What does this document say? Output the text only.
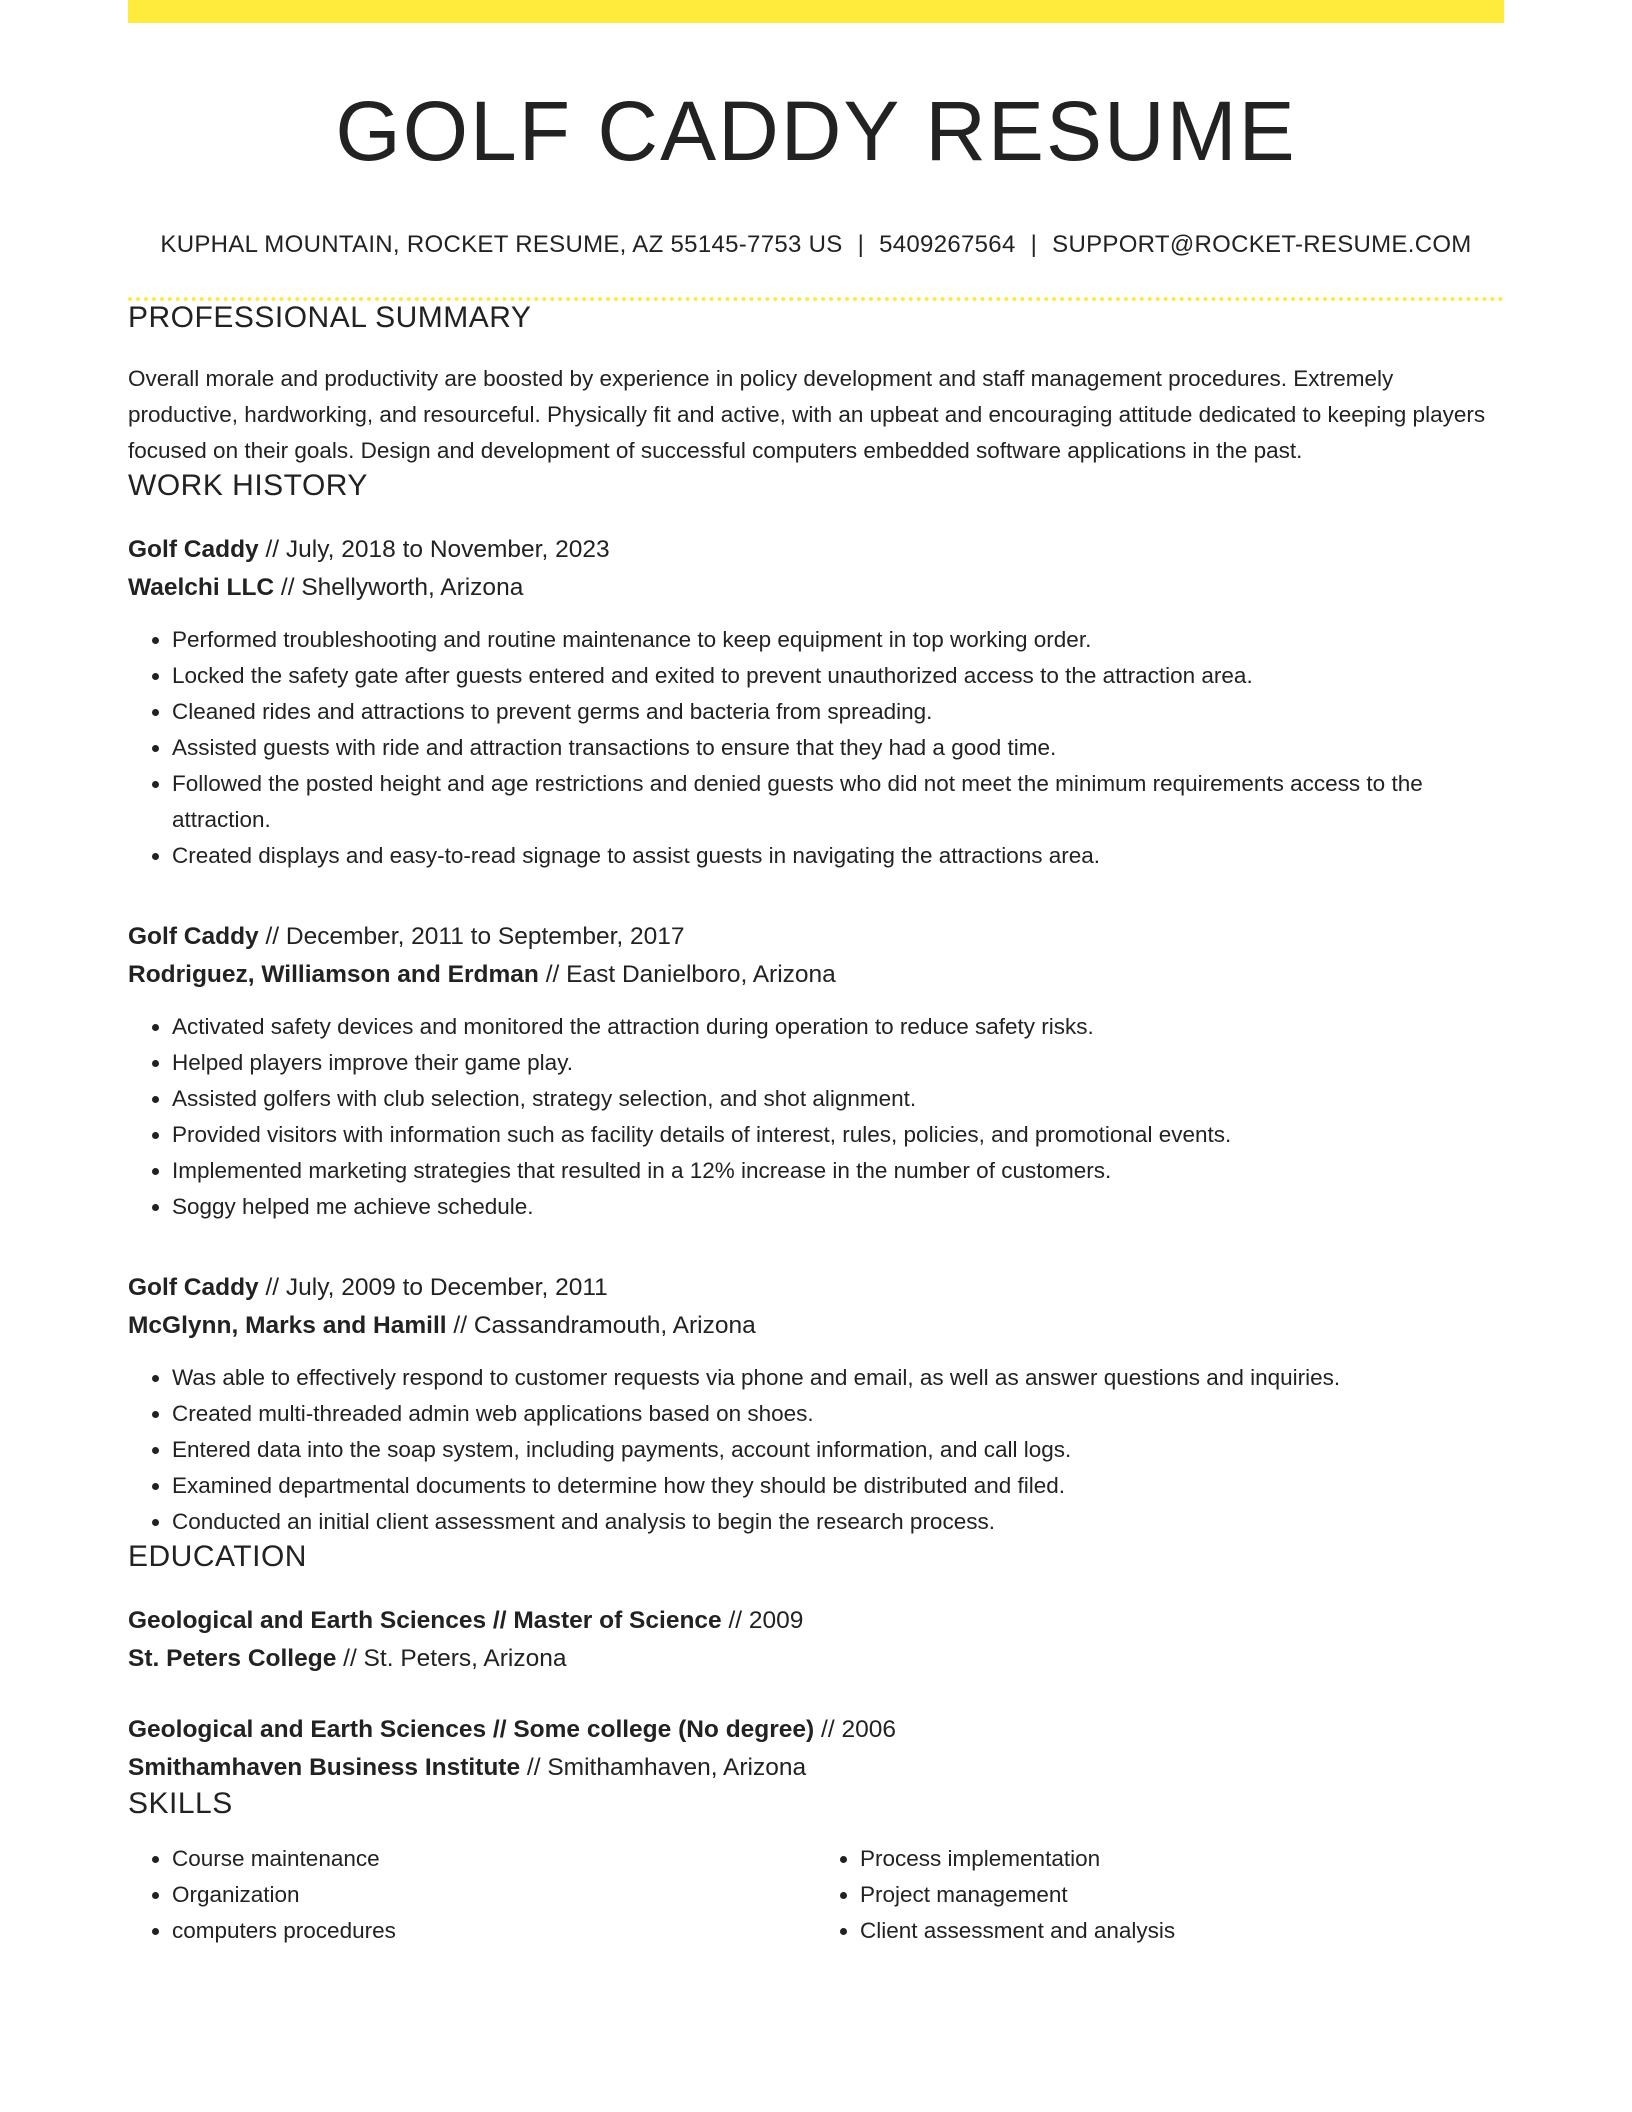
GOLF CADDY RESUME
KUPHAL MOUNTAIN, ROCKET RESUME, AZ 55145-7753 US | 5409267564 | SUPPORT@ROCKET-RESUME.COM
PROFESSIONAL SUMMARY
Overall morale and productivity are boosted by experience in policy development and staff management procedures. Extremely productive, hardworking, and resourceful. Physically fit and active, with an upbeat and encouraging attitude dedicated to keeping players focused on their goals. Design and development of successful computers embedded software applications in the past.
WORK HISTORY
Golf Caddy // July, 2018 to November, 2023
Waelchi LLC // Shellyworth, Arizona
• Performed troubleshooting and routine maintenance to keep equipment in top working order.
• Locked the safety gate after guests entered and exited to prevent unauthorized access to the attraction area.
• Cleaned rides and attractions to prevent germs and bacteria from spreading.
• Assisted guests with ride and attraction transactions to ensure that they had a good time.
• Followed the posted height and age restrictions and denied guests who did not meet the minimum requirements access to the attraction.
• Created displays and easy-to-read signage to assist guests in navigating the attractions area.
Golf Caddy // December, 2011 to September, 2017
Rodriguez, Williamson and Erdman // East Danielboro, Arizona
• Activated safety devices and monitored the attraction during operation to reduce safety risks.
• Helped players improve their game play.
• Assisted golfers with club selection, strategy selection, and shot alignment.
• Provided visitors with information such as facility details of interest, rules, policies, and promotional events.
• Implemented marketing strategies that resulted in a 12% increase in the number of customers.
• Soggy helped me achieve schedule.
Golf Caddy // July, 2009 to December, 2011
McGlynn, Marks and Hamill // Cassandramouth, Arizona
• Was able to effectively respond to customer requests via phone and email, as well as answer questions and inquiries.
• Created multi-threaded admin web applications based on shoes.
• Entered data into the soap system, including payments, account information, and call logs.
• Examined departmental documents to determine how they should be distributed and filed.
• Conducted an initial client assessment and analysis to begin the research process.
EDUCATION
Geological and Earth Sciences // Master of Science // 2009
St. Peters College // St. Peters, Arizona
Geological and Earth Sciences // Some college (No degree) // 2006
Smithamhaven Business Institute // Smithamhaven, Arizona
SKILLS
• Course maintenance
• Organization
• computers procedures
• Process implementation
• Project management
• Client assessment and analysis
